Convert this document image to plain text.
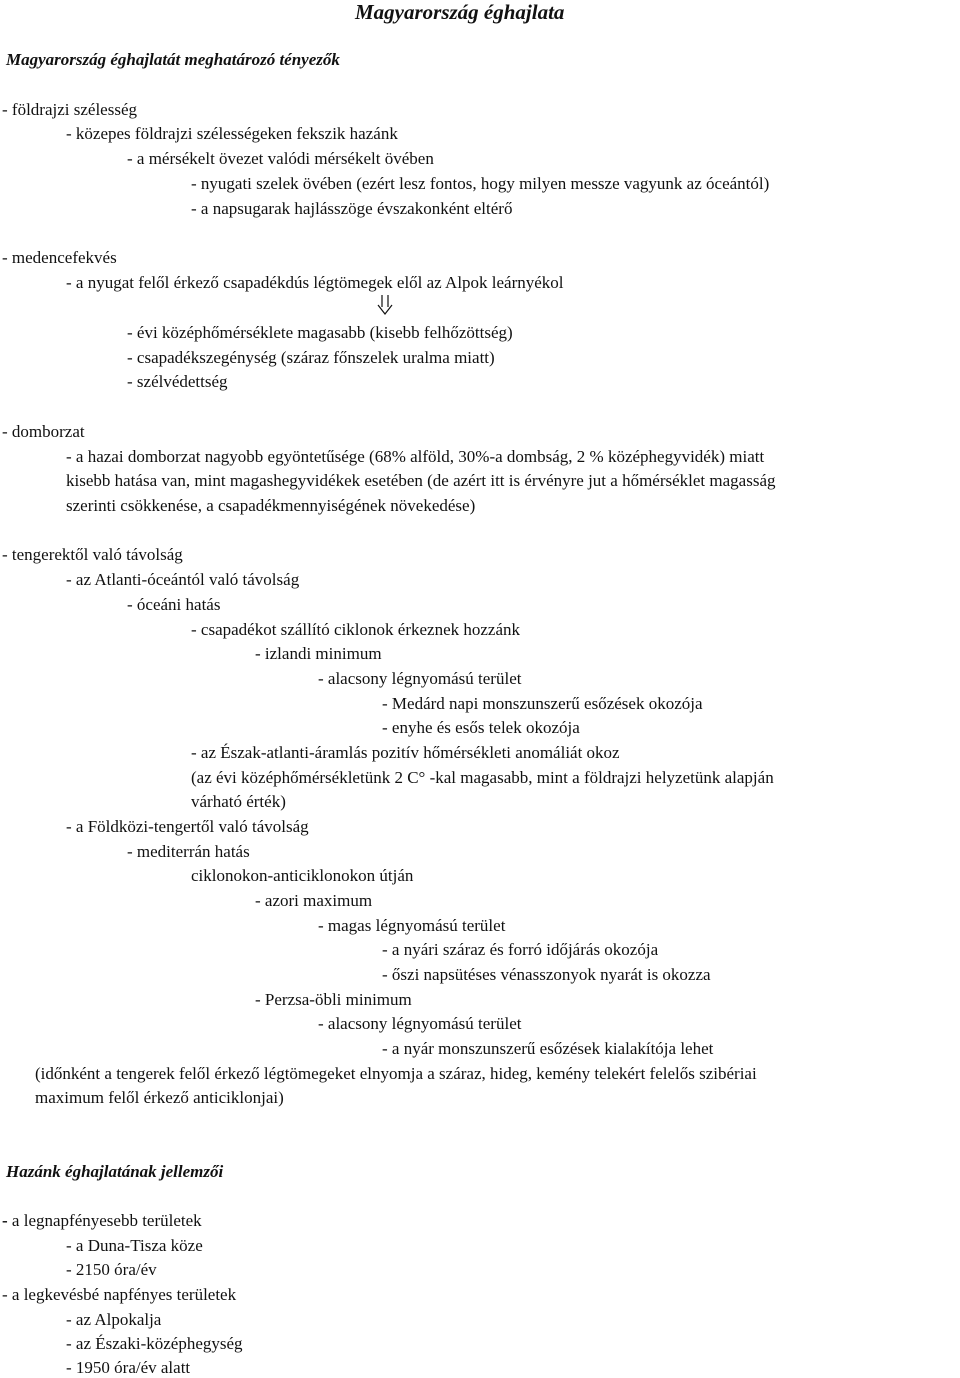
Magyarország éghajlata
Magyarország éghajlatát meghatározó tényezők
- földrajzi szélesség
- közepes földrajzi szélességeken fekszik hazánk
- a mérsékelt övezet valódi mérsékelt övében
- nyugati szelek övében (ezért lesz fontos, hogy milyen messze vagyunk az óceántól)
- a napsugarak hajlásszöge évszakonként eltérő
- medencefekvés
- a nyugat felől érkező csapadékdús légtömegek elől az Alpok leárnyékol
- évi középhőmérséklete magasabb (kisebb felhőzöttség)
- csapadékszegénység (száraz főnszelek uralma miatt)
- szélvédettség
- domborzat
- a hazai domborzat nagyobb egyöntetűsége (68% alföld, 30%-a dombság, 2 % középhegyvidék) miatt
kisebb hatása van, mint magashegyvidékek esetében (de azért itt is érvényre jut a hőmérséklet magasság
szerinti csökkenése, a csapadékmennyiségének növekedése)
- tengerektől való távolság
- az Atlanti-óceántól való távolság
- óceáni hatás
- csapadékot szállító ciklonok érkeznek hozzánk
- izlandi minimum
- alacsony légnyomású terület
- Medárd napi monszunszerű esőzések okozója
- enyhe és esős telek okozója
- az Észak-atlanti-áramlás pozitív hőmérsékleti anomáliát okoz
(az évi középhőmérsékletünk 2 C° -kal magasabb, mint a földrajzi helyzetünk alapján
várható érték)
- a Földközi-tengertől való távolság
- mediterrán hatás
ciklonokon-anticiklonokon útján
- azori maximum
- magas légnyomású terület
- a nyári száraz és forró időjárás okozója
- őszi napsütéses vénasszonyok nyarát is okozza
- Perzsa-öbli minimum
- alacsony légnyomású terület
- a nyár monszunszerű esőzések kialakítója lehet
(időnként a tengerek felől érkező légtömegeket elnyomja a száraz, hideg, kemény telekért felelős szibériai
maximum felől érkező anticiklonjai)
Hazánk éghajlatának jellemzői
- a legnapfényesebb területek
- a Duna-Tisza köze
- 2150 óra/év
- a legkevésbé napfényes területek
- az Alpokalja
- az Északi-középhegység
- 1950 óra/év alatt
